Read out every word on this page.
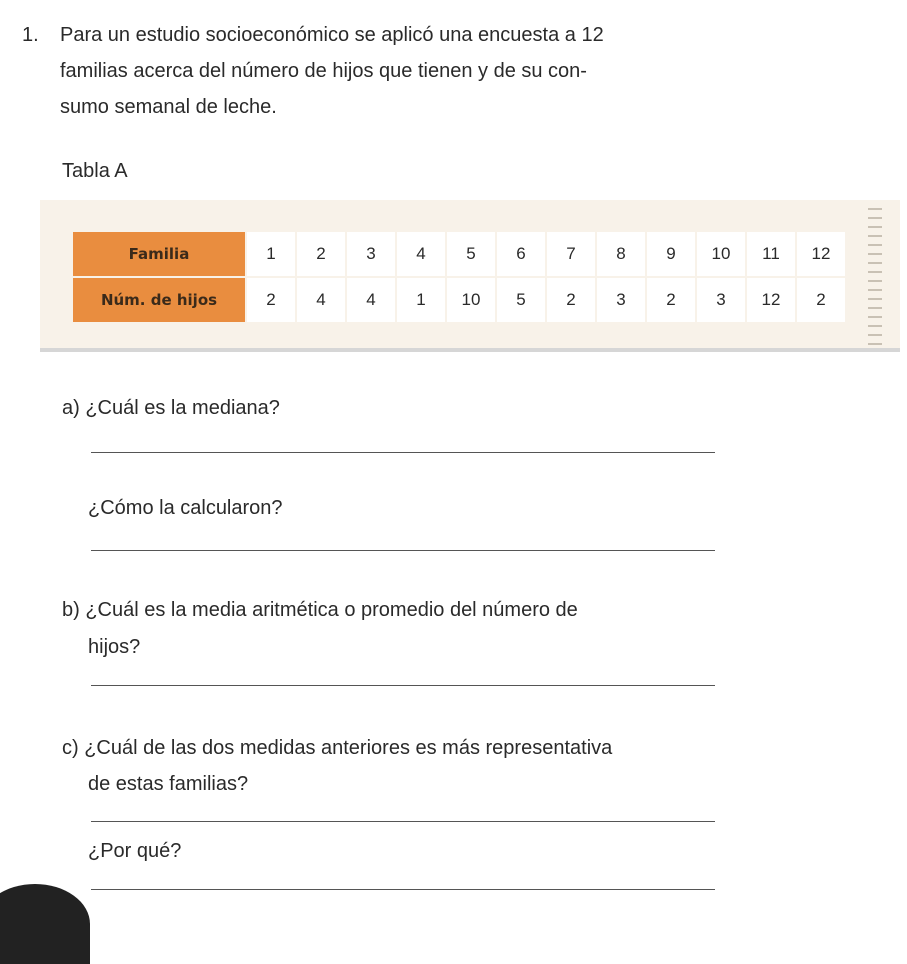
1. Para un estudio socioeconómico se aplicó una encuesta a 12
familias acerca del número de hijos que tienen y de su con-
sumo semanal de leche.
Tabla A
Familia	1	2	3	4	5	6	7	8	9	10	11	12
Núm. de hijos	2	4	4	1	10	5	2	3	2	3	12	2
a) ¿Cuál es la mediana?
¿Cómo la calcularon?
b) ¿Cuál es la media aritmética o promedio del número de
hijos?
c) ¿Cuál de las dos medidas anteriores es más representativa
de estas familias?
¿Por qué?
